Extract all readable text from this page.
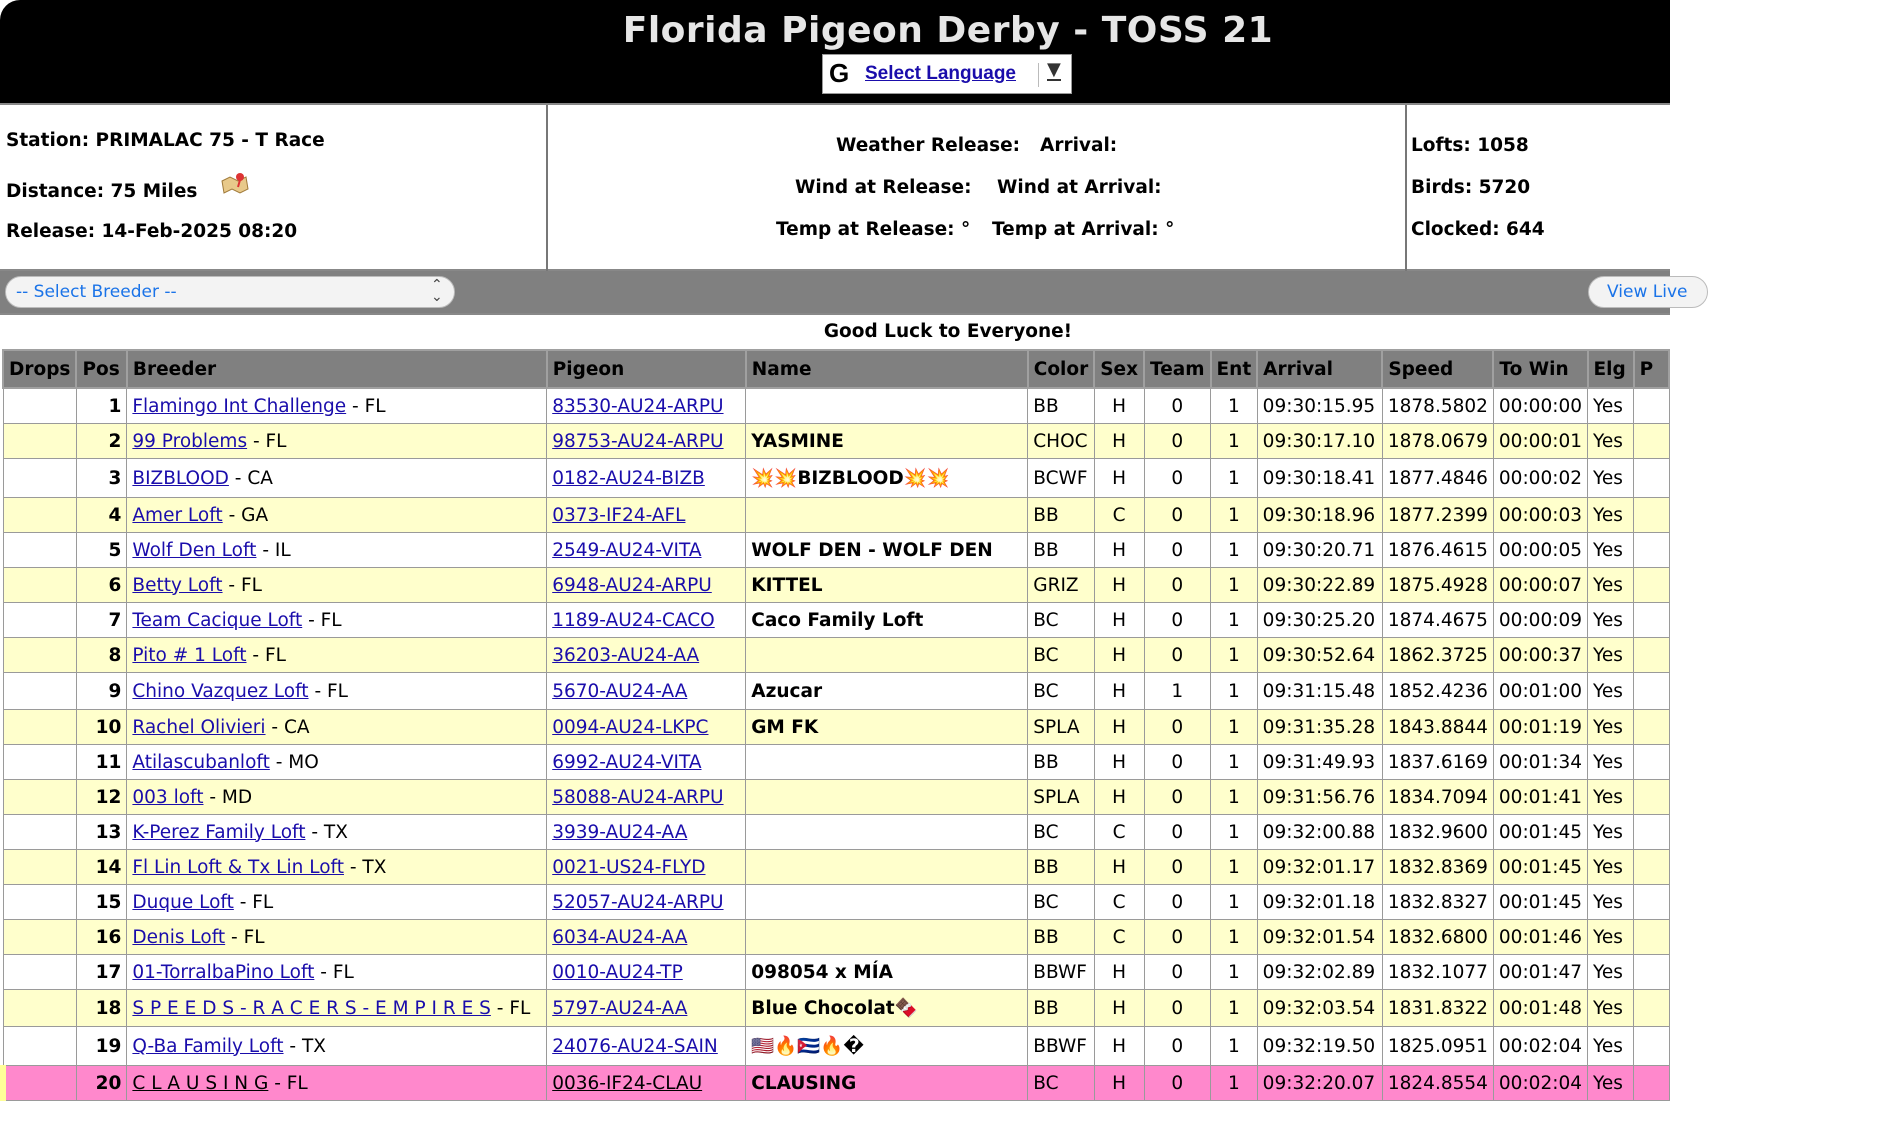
Florida Pigeon Derby - TOSS 21
G Select Language ▼
Station: PRIMALAC 75 - T Race
Distance: 75 Miles
Release: 14-Feb-2025 08:20
Weather Release: Arrival:
Wind at Release: Wind at Arrival:
Temp at Release: ° Temp at Arrival: °
Lofts: 1058
Birds: 5720
Clocked: 644
-- Select Breeder --	⌃
⌄	View Live
Good Luck to Everyone!
Drops	Pos	Breeder	Pigeon	Name	Color	Sex	Team	Ent	Arrival	Speed	To Win	Elg	P
	1	Flamingo Int Challenge - FL	83530-AU24-ARPU		BB	H	0	1	09:30:15.95	1878.5802	00:00:00	Yes	
	2	99 Problems - FL	98753-AU24-ARPU	YASMINE	CHOC	H	0	1	09:30:17.10	1878.0679	00:00:01	Yes	
	3	BIZBLOOD - CA	0182-AU24-BIZB	💥💥BIZBLOOD💥💥	BCWF	H	0	1	09:30:18.41	1877.4846	00:00:02	Yes	
	4	Amer Loft - GA	0373-IF24-AFL		BB	C	0	1	09:30:18.96	1877.2399	00:00:03	Yes	
	5	Wolf Den Loft - IL	2549-AU24-VITA	WOLF DEN - WOLF DEN	BB	H	0	1	09:30:20.71	1876.4615	00:00:05	Yes	
	6	Betty Loft - FL	6948-AU24-ARPU	KITTEL	GRIZ	H	0	1	09:30:22.89	1875.4928	00:00:07	Yes	
	7	Team Cacique Loft - FL	1189-AU24-CACO	Caco Family Loft	BC	H	0	1	09:30:25.20	1874.4675	00:00:09	Yes	
	8	Pito # 1 Loft - FL	36203-AU24-AA		BC	H	0	1	09:30:52.64	1862.3725	00:00:37	Yes	
	9	Chino Vazquez Loft - FL	5670-AU24-AA	Azucar	BC	H	1	1	09:31:15.48	1852.4236	00:01:00	Yes	
	10	Rachel Olivieri - CA	0094-AU24-LKPC	GM FK	SPLA	H	0	1	09:31:35.28	1843.8844	00:01:19	Yes	
	11	Atilascubanloft - MO	6992-AU24-VITA		BB	H	0	1	09:31:49.93	1837.6169	00:01:34	Yes	
	12	003 loft - MD	58088-AU24-ARPU		SPLA	H	0	1	09:31:56.76	1834.7094	00:01:41	Yes	
	13	K-Perez Family Loft - TX	3939-AU24-AA		BC	C	0	1	09:32:00.88	1832.9600	00:01:45	Yes	
	14	Fl Lin Loft & Tx Lin Loft - TX	0021-US24-FLYD		BB	H	0	1	09:32:01.17	1832.8369	00:01:45	Yes	
	15	Duque Loft - FL	52057-AU24-ARPU		BC	C	0	1	09:32:01.18	1832.8327	00:01:45	Yes	
	16	Denis Loft - FL	6034-AU24-AA		BB	C	0	1	09:32:01.54	1832.6800	00:01:46	Yes	
	17	01-TorralbaPino Loft - FL	0010-AU24-TP	098054 x MÍA	BBWF	H	0	1	09:32:02.89	1832.1077	00:01:47	Yes	
	18	S P E E D S - R A C E R S - E M P I R E S - FL	5797-AU24-AA	Blue Chocolat🍫	BB	H	0	1	09:32:03.54	1831.8322	00:01:48	Yes	
	19	Q-Ba Family Loft - TX	24076-AU24-SAIN	🇺🇸🔥🇨🇺🔥�	BBWF	H	0	1	09:32:19.50	1825.0951	00:02:04	Yes	
	20	C L A U S I N G - FL	0036-IF24-CLAU	CLAUSING	BC	H	0	1	09:32:20.07	1824.8554	00:02:04	Yes	
